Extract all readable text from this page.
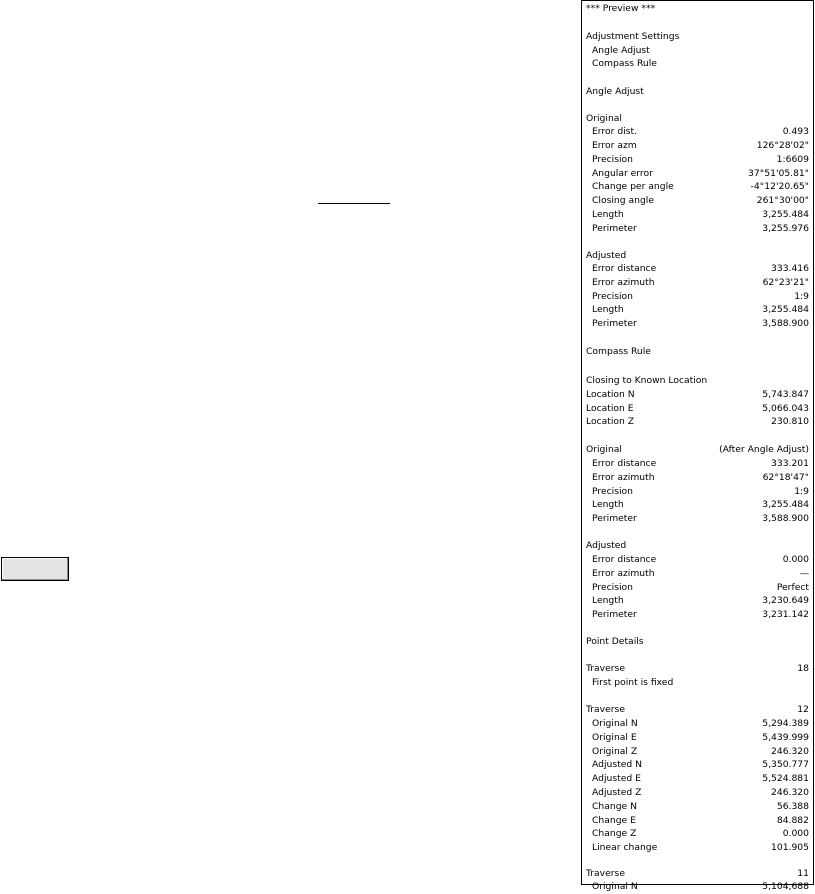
*** Preview ***
Adjustment Settings
Angle Adjust
Compass Rule
Angle Adjust
Original
Error dist.	0.493
Error azm	126°28'02"
Precision	1:6609
Angular error	37°51'05.81"
Change per angle	-4°12'20.65"
Closing angle	261°30'00"
Length	3,255.484
Perimeter	3,255.976
Adjusted
Error distance	333.416
Error azimuth	62°23'21"
Precision	1:9
Length	3,255.484
Perimeter	3,588.900
Compass Rule
Closing to Known Location
Location N	5,743.847
Location E	5,066.043
Location Z	230.810
Original	(After Angle Adjust)
Error distance	333.201
Error azimuth	62°18'47"
Precision	1:9
Length	3,255.484
Perimeter	3,588.900
Adjusted
Error distance	0.000
Error azimuth	—
Precision	Perfect
Length	3,230.649
Perimeter	3,231.142
Point Details
Traverse	18
First point is fixed
Traverse	12
Original N	5,294.389
Original E	5,439.999
Original Z	246.320
Adjusted N	5,350.777
Adjusted E	5,524.881
Adjusted Z	246.320
Change N	56.388
Change E	84.882
Change Z	0.000
Linear change	101.905
Traverse	11
Original N	5,104,688
